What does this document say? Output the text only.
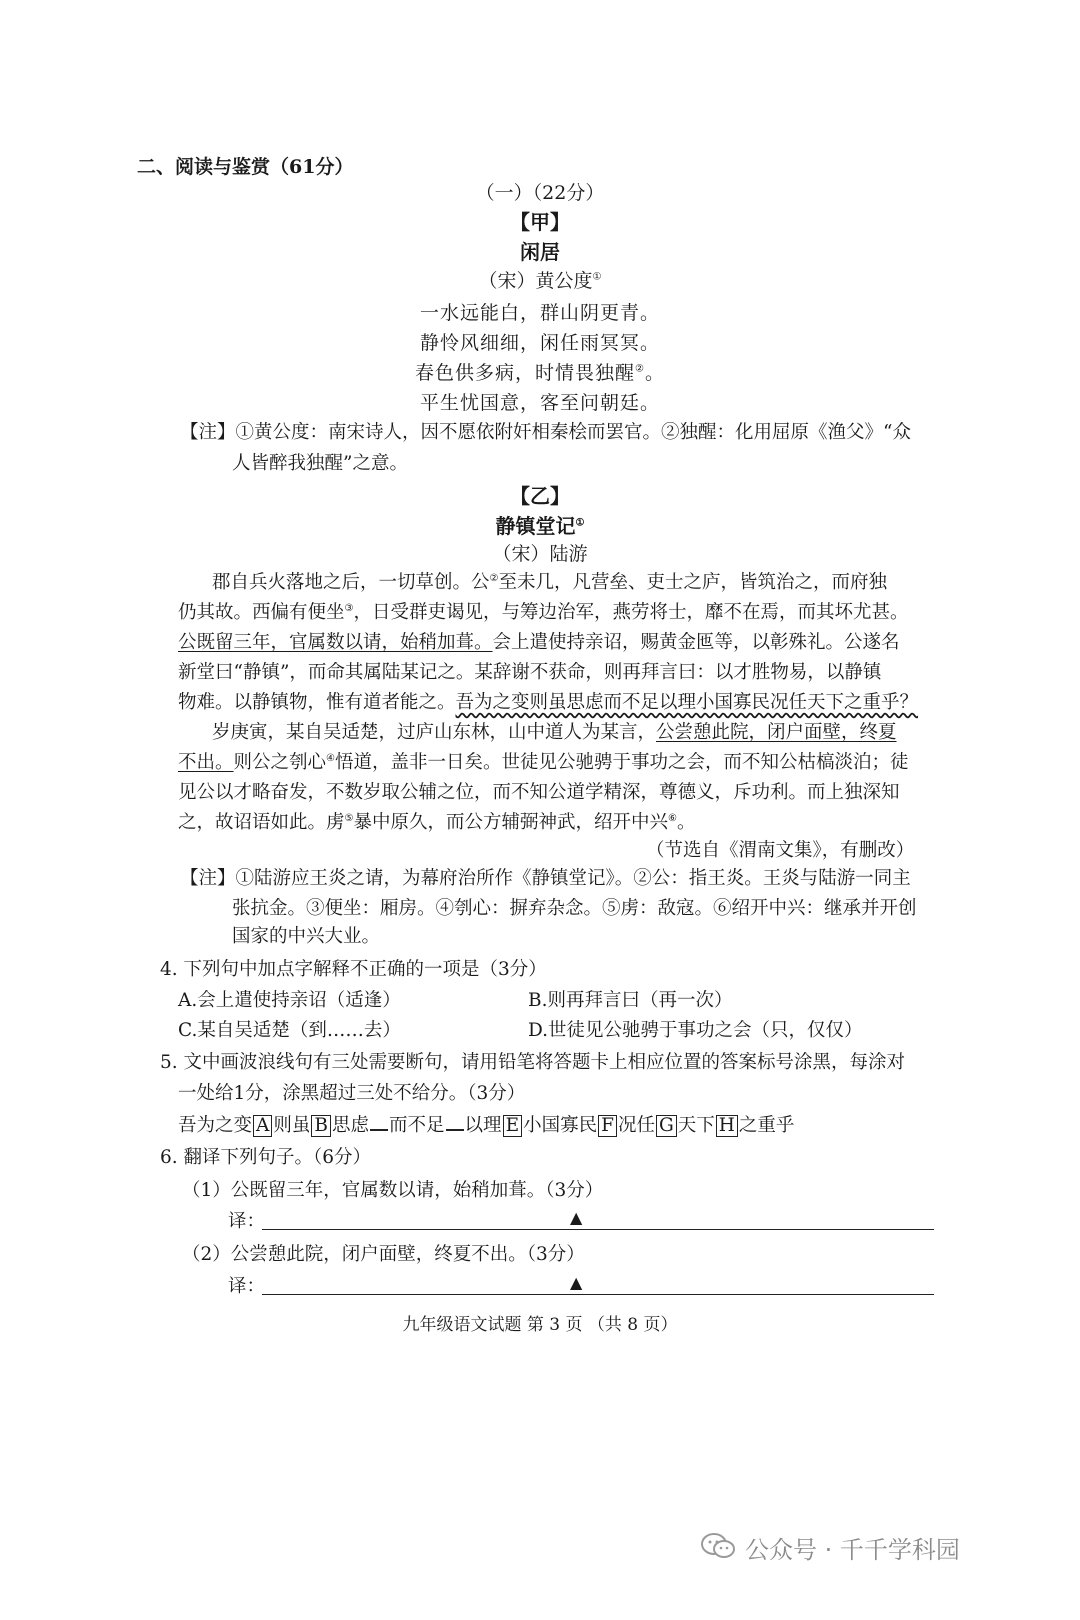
二、阅读与鉴赏（61分）
（一）（22分）
【甲】
闲居
（宋）黄公度①
一水远能白，群山阴更青。
静怜风细细，闲任雨冥冥。
春色供多病，时情畏独醒②。
平生忧国意，客至问朝廷。
【注】①黄公度：南宋诗人，因不愿依附奸相秦桧而罢官。②独醒：化用屈原《渔父》“众
人皆醉我独醒”之意。
【乙】
静镇堂记①
（宋）陆游
郡自兵火落地之后，一切草创。公②至未几，凡营垒、吏士之庐，皆筑治之，而府独
仍其故。西偏有便坐③，日受群吏谒见，与筹边治军，燕劳将士，靡不在焉，而其坏尤甚。
公既留三年，官属数以请，始稍加葺。会上遣使持亲诏，赐黄金匜等，以彰殊礼。公遂名
新堂曰“静镇”，而命其属陆某记之。某辞谢不获命，则再拜言曰：以才胜物易，以静镇
物难。以静镇物，惟有道者能之。吾为之变则虽思虑而不足以理小国寡民况任天下之重乎？
岁庚寅，某自吴适楚，过庐山东林，山中道人为某言，公尝憩此院，闭户面壁，终夏
不出。则公之刳心④悟道，盖非一日矣。世徒见公驰骋于事功之会，而不知公枯槁淡泊；徒
见公以才略奋发，不数岁取公辅之位，而不知公道学精深，尊德义，斥功利。而上独深知
之，故诏语如此。虏⑤暴中原久，而公方辅弼神武，绍开中兴⑥。
（节选自《渭南文集》，有删改）
【注】①陆游应王炎之请，为幕府治所作《静镇堂记》。②公：指王炎。王炎与陆游一同主
张抗金。③便坐：厢房。④刳心：摒弃杂念。⑤虏：敌寇。⑥绍开中兴：继承并开创
国家的中兴大业。
4. 下列句中加点字解释不正确的一项是（3分）
A.会上遣使持亲诏（适逢）	B.则再拜言曰（再一次）
C.某自吴适楚（到……去）	D.世徒见公驰骋于事功之会（只，仅仅）
5. 文中画波浪线句有三处需要断句，请用铅笔将答题卡上相应位置的答案标号涂黑，每涂对
一处给1分，涂黑超过三处不给分。（3分）
吾为之变 A 则虽 B 思虑 而不足 以理 E 小国寡民 F 况任 G 天下 H 之重乎
6. 翻译下列句子。（6分）
（1）公既留三年，官属数以请，始稍加葺。（3分）
译：	▲
（2）公尝憩此院，闭户面壁，终夏不出。（3分）
译：	▲
九年级语文试题 第 3 页 （共 8 页）
公众号 · 千千学科园
